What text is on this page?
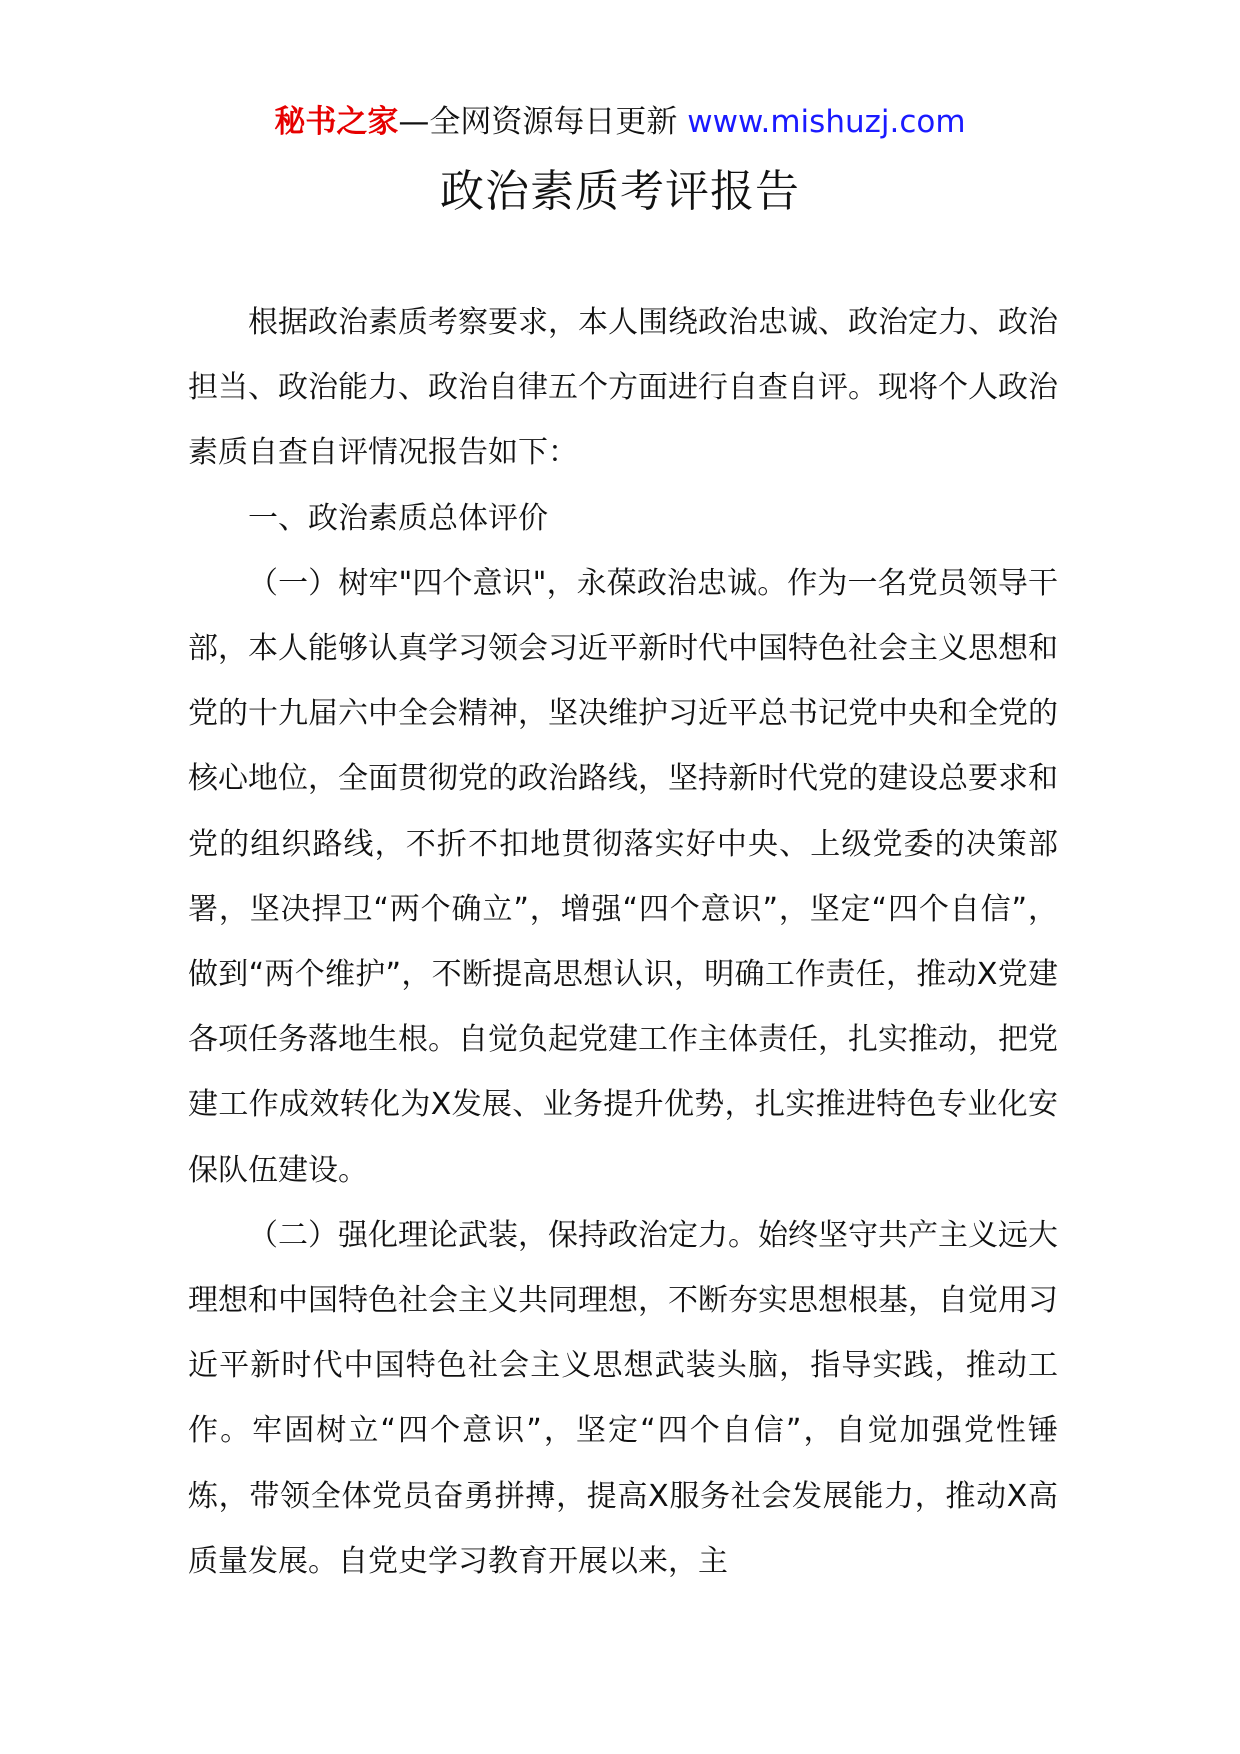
秘书之家—全网资源每日更新 www.mishuzj.com
政治素质考评报告

根据政治素质考察要求，本人围绕政治忠诚、政治定力、政治担当、政治能力、政治自律五个方面进行自查自评。现将个人政治素质自查自评情况报告如下：

一、政治素质总体评价

（一）树牢"四个意识"，永葆政治忠诚。作为一名党员领导干部，本人能够认真学习领会习近平新时代中国特色社会主义思想和党的十九届六中全会精神，坚决维护习近平总书记党中央和全党的核心地位，全面贯彻党的政治路线，坚持新时代党的建设总要求和党的组织路线，不折不扣地贯彻落实好中央、上级党委的决策部署，坚决捍卫“两个确立”，增强“四个意识”，坚定“四个自信”，做到“两个维护”，不断提高思想认识，明确工作责任，推动X党建各项任务落地生根。自觉负起党建工作主体责任，扎实推动，把党建工作成效转化为X发展、业务提升优势，扎实推进特色专业化安保队伍建设。

（二）强化理论武装，保持政治定力。始终坚守共产主义远大理想和中国特色社会主义共同理想，不断夯实思想根基，自觉用习近平新时代中国特色社会主义思想武装头脑，指导实践，推动工作。牢固树立“四个意识”，坚定“四个自信”，自觉加强党性锤炼，带领全体党员奋勇拼搏，提高X服务社会发展能力，推动X高质量发展。自党史学习教育开展以来，主
